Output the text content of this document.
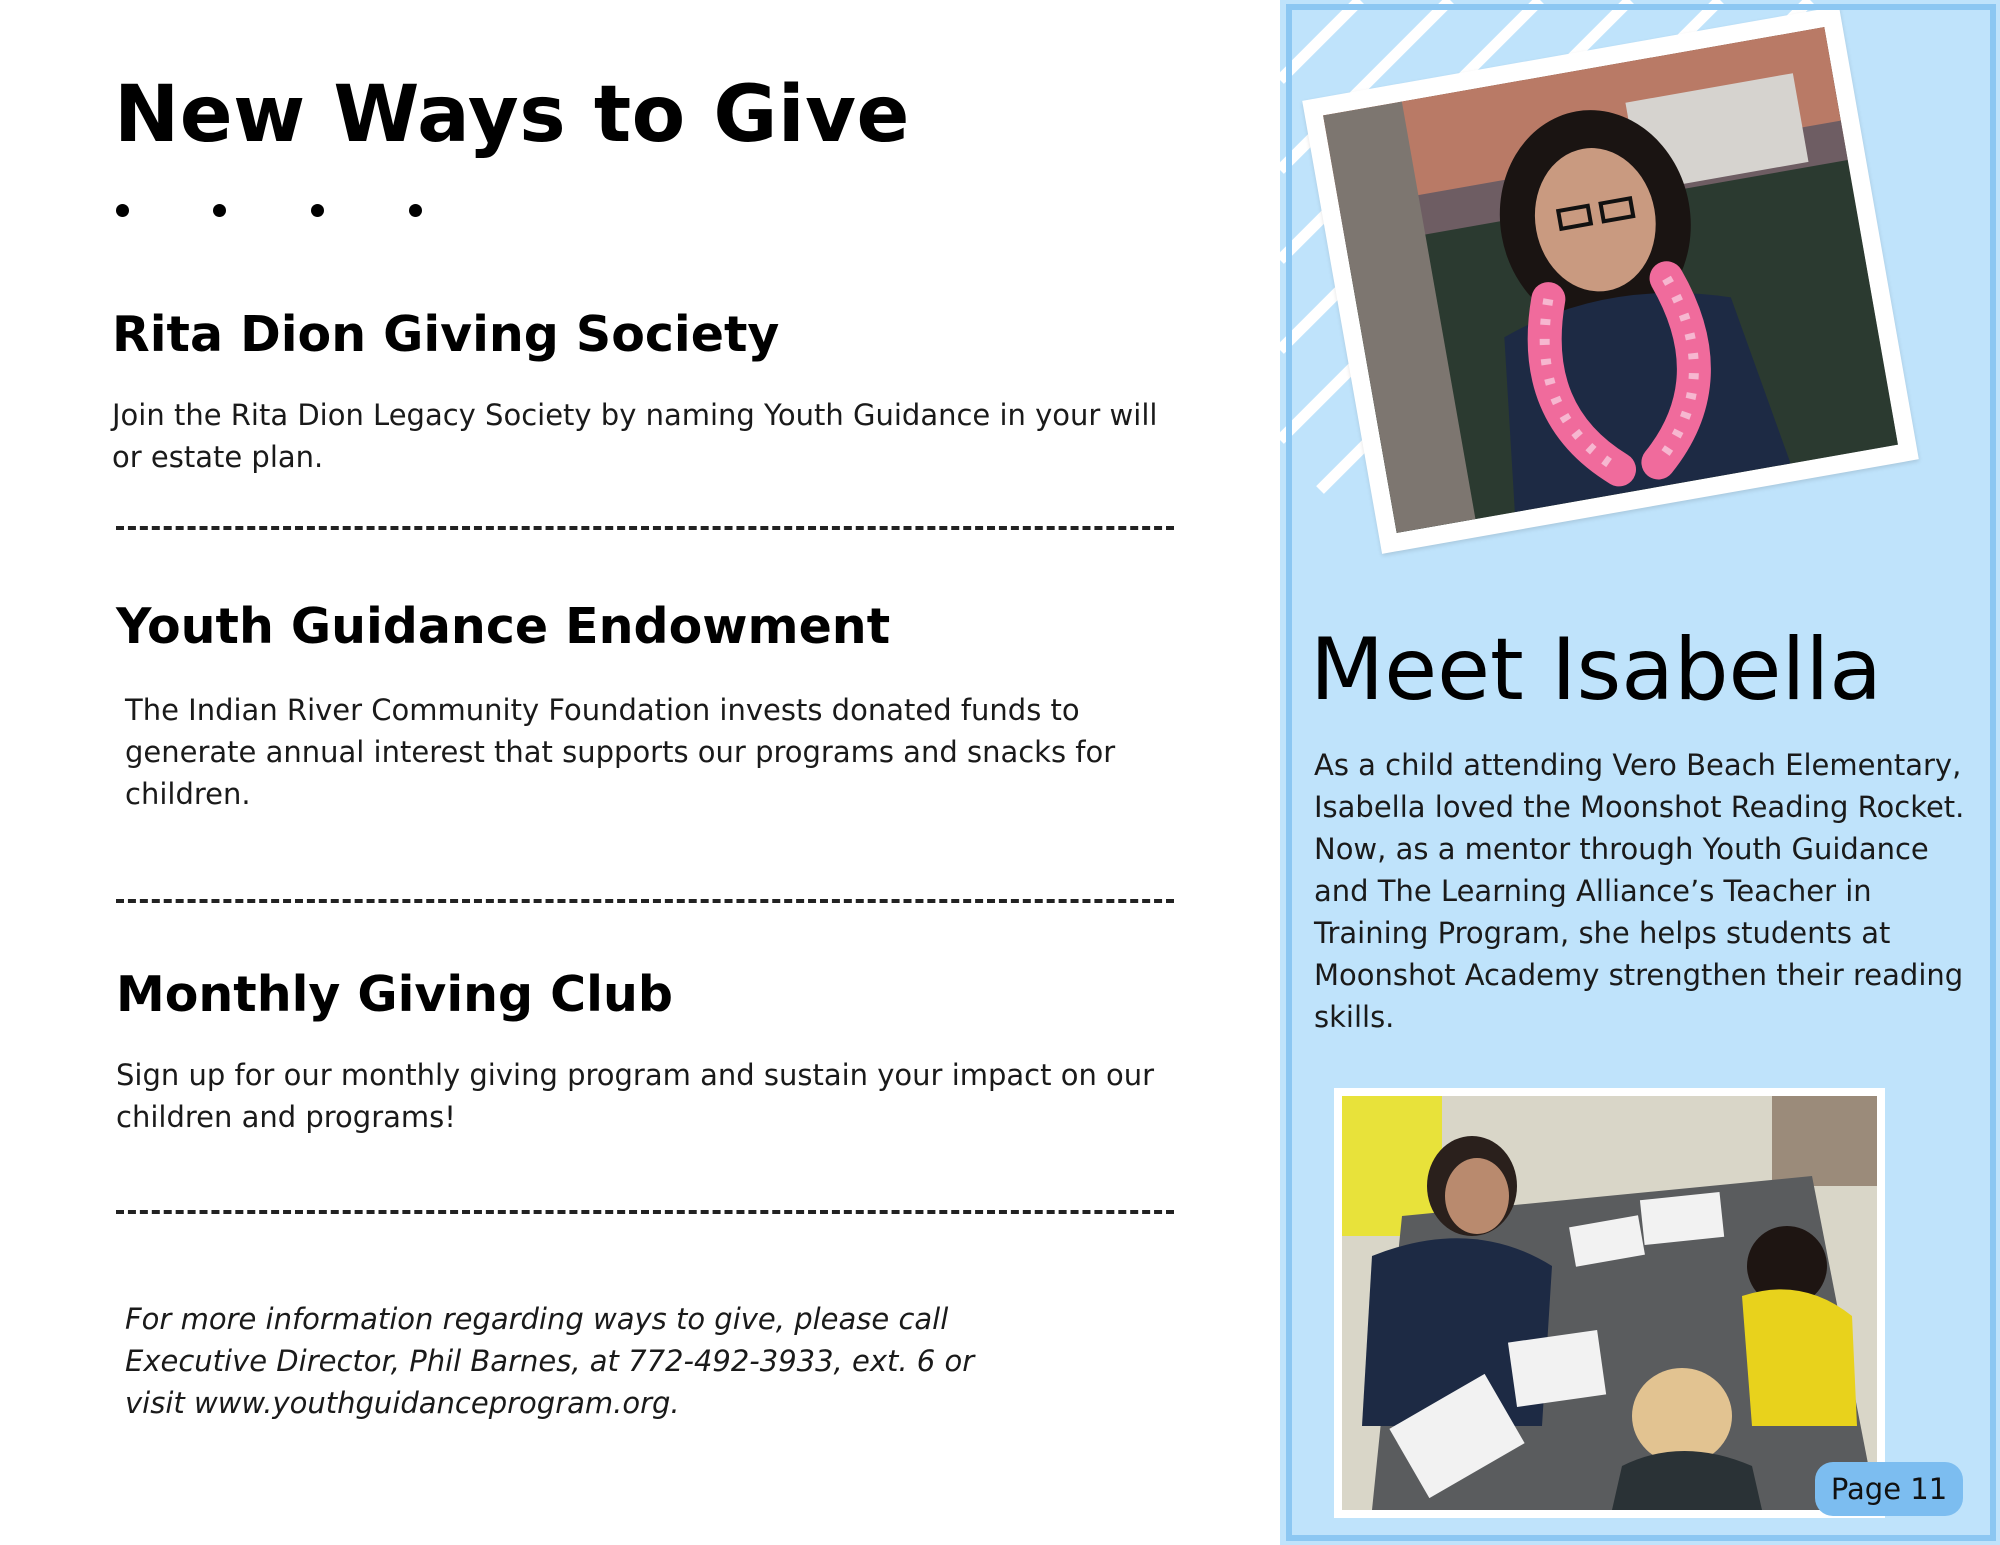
New Ways to Give
Rita Dion Giving Society

Join the Rita Dion Legacy Society by naming Youth Guidance in your will or estate plan.

Youth Guidance Endowment

The Indian River Community Foundation invests donated funds to generate annual interest that supports our programs and snacks for children.

Monthly Giving Club

Sign up for our monthly giving program and sustain your impact on our children and programs!

For more information regarding ways to give, please call Executive Director, Phil Barnes, at 772-492-3933, ext. 6 or visit www.youthguidanceprogram.org.

Meet Isabella

As a child attending Vero Beach Elementary, Isabella loved the Moonshot Reading Rocket. Now, as a mentor through Youth Guidance and The Learning Alliance’s Teacher in Training Program, she helps students at Moonshot Academy strengthen their reading skills.

Page 11
